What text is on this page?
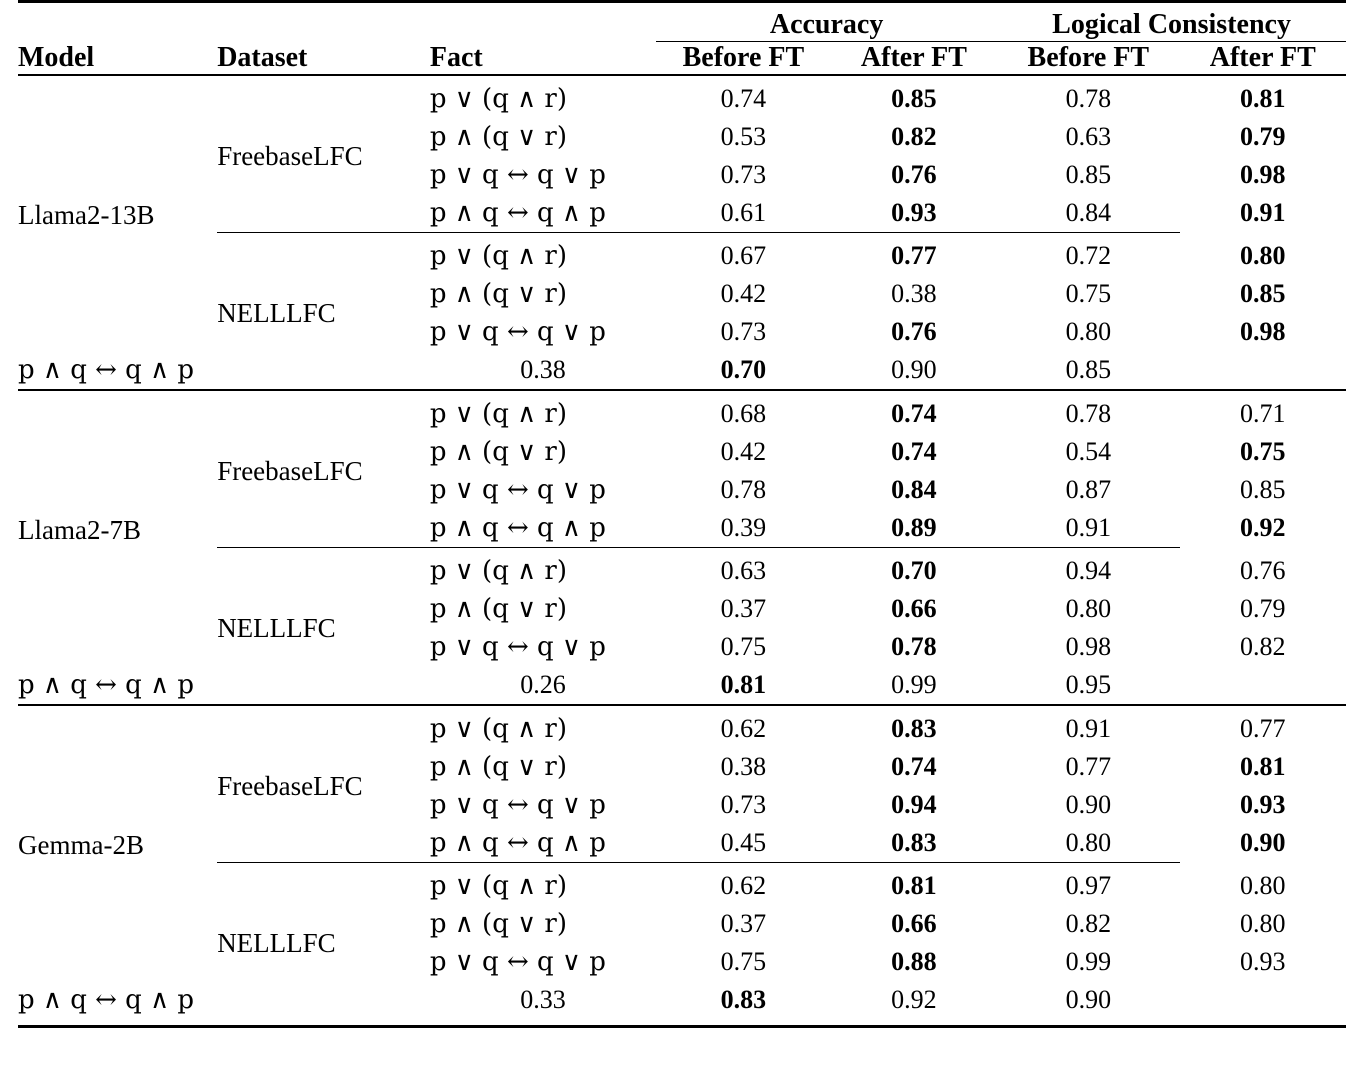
			Accuracy		Logical Consistency	
Model	Dataset	Fact	Before FT	After FT	Before FT	After FT

Llama2-13B	FreebaseLFC	p ∨ (q ∧ r)	0.74	0.85	0.78	0.81
		p ∧ (q ∨ r)	0.53	0.82	0.63	0.79
		p ∨ q ↔ q ∨ p	0.73	0.76	0.85	0.98
		p ∧ q ↔ q ∧ p	0.61	0.93	0.84	0.91

	NELLLFC	p ∨ (q ∧ r)	0.67	0.77	0.72	0.80
		p ∧ (q ∨ r)	0.42	0.38	0.75	0.85
		p ∨ q ↔ q ∨ p	0.73	0.76	0.80	0.98
p ∧ q ↔ q ∧ p		0.38	0.70	0.90	0.85	

Llama2-7B	FreebaseLFC	p ∨ (q ∧ r)	0.68	0.74	0.78	0.71
		p ∧ (q ∨ r)	0.42	0.74	0.54	0.75
		p ∨ q ↔ q ∨ p	0.78	0.84	0.87	0.85
		p ∧ q ↔ q ∧ p	0.39	0.89	0.91	0.92

	NELLLFC	p ∨ (q ∧ r)	0.63	0.70	0.94	0.76
		p ∧ (q ∨ r)	0.37	0.66	0.80	0.79
		p ∨ q ↔ q ∨ p	0.75	0.78	0.98	0.82
p ∧ q ↔ q ∧ p		0.26	0.81	0.99	0.95	

Gemma-2B	FreebaseLFC	p ∨ (q ∧ r)	0.62	0.83	0.91	0.77
		p ∧ (q ∨ r)	0.38	0.74	0.77	0.81
		p ∨ q ↔ q ∨ p	0.73	0.94	0.90	0.93
		p ∧ q ↔ q ∧ p	0.45	0.83	0.80	0.90

	NELLLFC	p ∨ (q ∧ r)	0.62	0.81	0.97	0.80
		p ∧ (q ∨ r)	0.37	0.66	0.82	0.80
		p ∨ q ↔ q ∨ p	0.75	0.88	0.99	0.93
p ∧ q ↔ q ∧ p		0.33	0.83	0.92	0.90	
